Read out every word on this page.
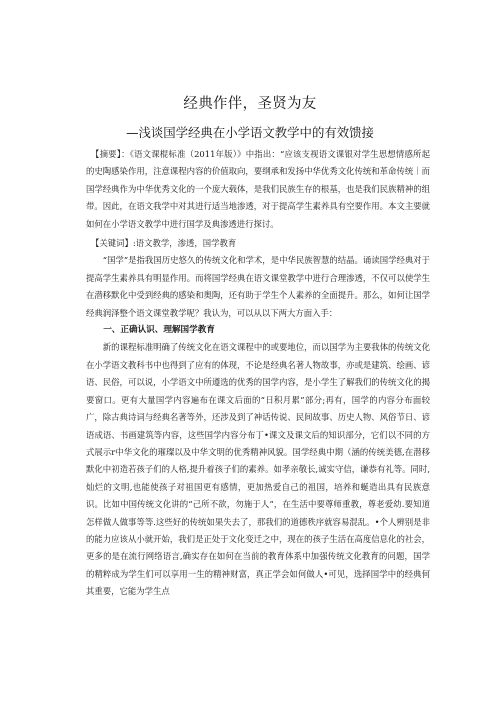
经典作伴，圣贤为友
—浅谈国学经典在小学语文教学中的有效馈接

【摘要】：《语文课棍标准（2011年版）》中指出：“应该支视语文课银对学生思想情感所起的史陶感染作用，注意课程内容的价值取向，要纲承和发扬中华优秀文化传统和革命传统｜而国学经典作为中华优秀文化的一个庞大载体，是我们民族生存的根基，也是我们民族精神的组带。因此，在语文我学中对其进行适当地渗透，对于提高学生素养具有空要作用。本文主要就如何在小学语文教学中进行国学及典渗透进行探讨。

【关键词】:语文教学，渗透，国学教育

“国学”是指我国历史悠久的传统文化和学术，是中华民族智慧的结晶。诵读国学经典对于提高学生素养具有明显作用。而将国学经典在语文课堂教学中进行合理渗透，不仅可以使学生在潜移默化中受到经典的感染和奥陶，还有助于学生个人素养的全面提升。那么，如何让国学经典润泽整个语文课堂教学呢？我认为，可以从以下两大方面入手：

一、正确认识、理解国学教育

新的课程标准明确了传统文化在语文课程中的或要地位，而以国学为主要我体的传统文化在小学语文教科书中也得到了应有的体现，不论是经典名著人物故事，亦或是建筑、绘画、谚语、民俗，可以说，小学语文中所遵选的优秀的国学内容，是小学生了解我们的传统文化的揭要窗口。更有大量国学内容遍布在课文后面的“日积月累”部分;再有，国学的内容分布面较广，除古典诗词与经典名著等外，还涉及到了神话传说、民间故事、历史人物、风俗节日、谚语成语、书画建筑等内容，这些国学内容分布丁•课文及课文后的知识部分，它们以不同的方式展示r中华文化的璀璨以及中华文明的优秀精神风貌。国学经典中期（涵的传统美德,在潜移默化中初造若孩子们的人格,提升着孩子们的素养。如孝亲敬长,诚实守信，谦恭有礼等。同时,灿烂的文明,也能使孩子对祖国更有感情，更加热爱自己的祖国，培养和蜒造出具有民族意识。比如中国传统文化讲的“己所不欲，勿施于人”，在生活中要尊师重教，尊老爱幼.要知道怎样做人做事等等.这些好的传统如果失去了，那我们的道德秩序就容易混乱。•个人辨别是非的能力应该从小就开始，我们是正处于文化变迁之中，现在的孩子生活在高度信息化的社会，更多的是在流行网络语言,确实存在如何在当前的教育体系中加强传统文化教育的问题，国学的精粹成为学生们可以享用一生的精神财富，真正学会如何做人•可见，选择国学中的经典何其重要，它能为学生点
